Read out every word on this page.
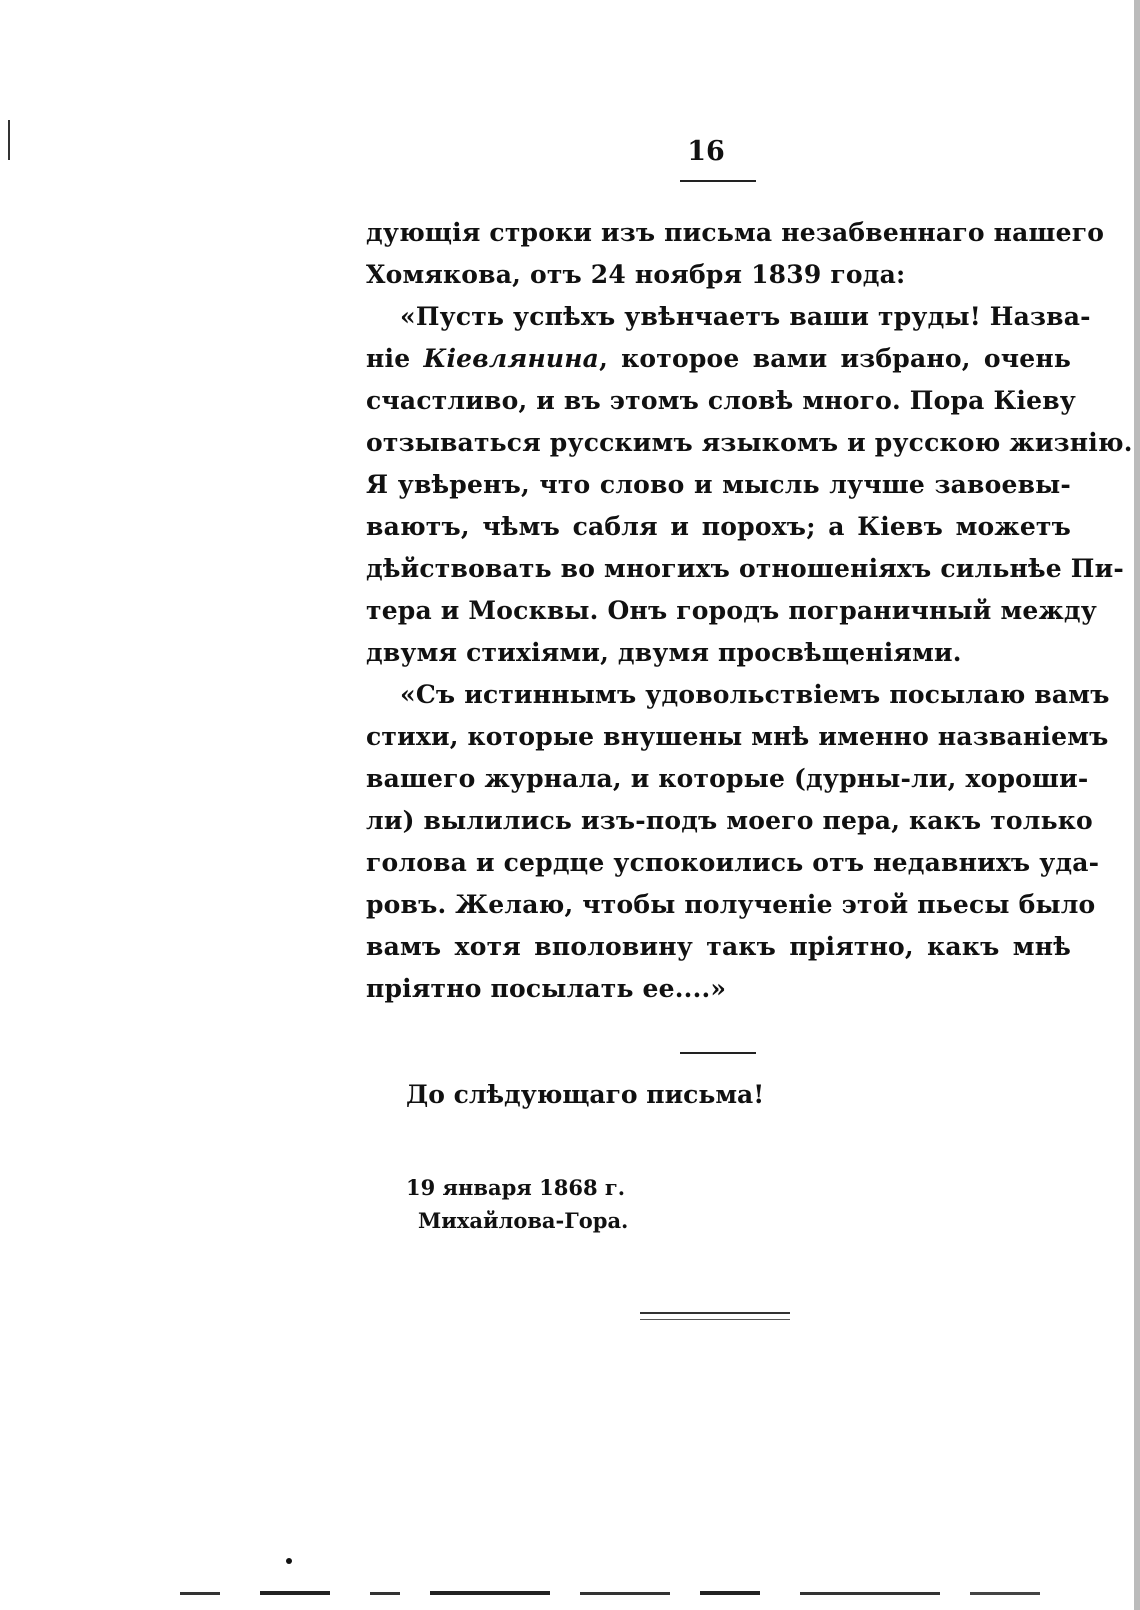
16
дующія строки изъ письма незабвеннаго нашего
Хомякова, отъ 24 ноября 1839 года:
«Пусть успѣхъ увѣнчаетъ ваши труды! Назва-
ніе Кіевлянина, которое вами избрано, очень
счастливо, и въ этомъ словѣ много. Пора Кіеву
отзываться русскимъ языкомъ и русскою жизнію.
Я увѣренъ, что слово и мысль лучше завоевы-
ваютъ, чѣмъ сабля и порохъ; а Кіевъ можетъ
дѣйствовать во многихъ отношеніяхъ сильнѣе Пи-
тера и Москвы. Онъ городъ пограничный между
двумя стихіями, двумя просвѣщеніями.
«Съ истиннымъ удовольствіемъ посылаю вамъ
стихи, которые внушены мнѣ именно названіемъ
вашего журнала, и которые (дурны-ли, хороши-
ли) вылились изъ-подъ моего пера, какъ только
голова и сердце успокоились отъ недавнихъ уда-
ровъ. Желаю, чтобы полученіе этой пьесы было
вамъ хотя вполовину такъ пріятно, какъ мнѣ
пріятно посылать ее....»
До слѣдующаго письма!
19 января 1868 г.
Михайлова-Гора.
